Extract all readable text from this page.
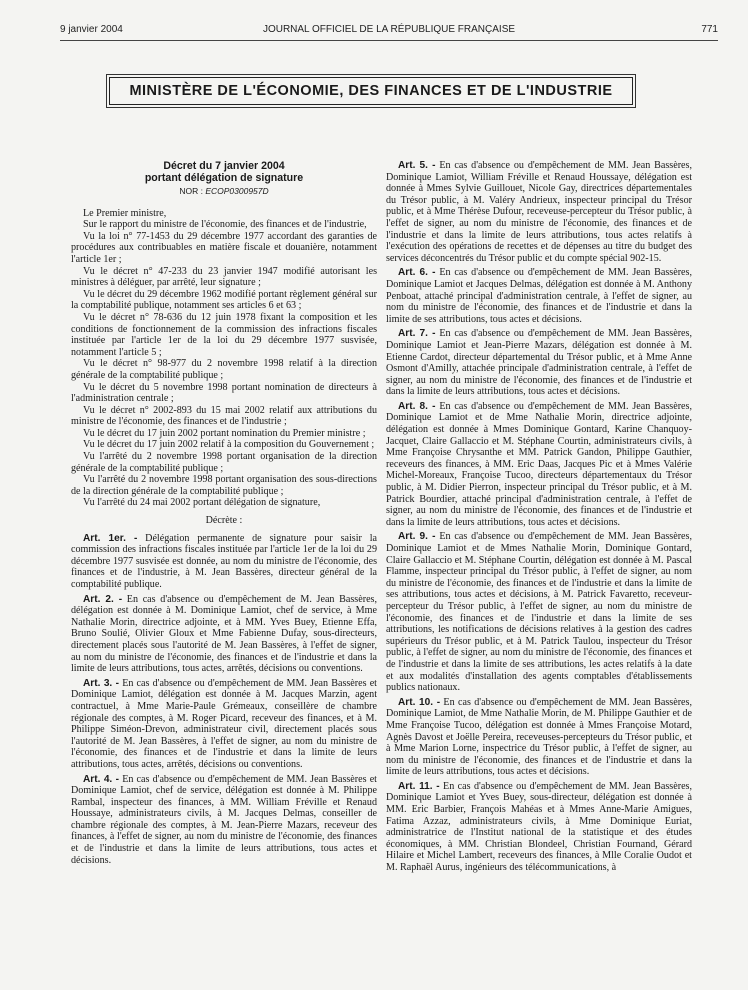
9 janvier 2004	JOURNAL OFFICIEL DE LA RÉPUBLIQUE FRANÇAISE	771
MINISTÈRE DE L'ÉCONOMIE, DES FINANCES ET DE L'INDUSTRIE
Décret du 7 janvier 2004
portant délégation de signature
NOR : ECOP0300957D

Le Premier ministre,

Sur le rapport du ministre de l'économie, des finances et de l'industrie,

Vu la loi n° 77-1453 du 29 décembre 1977 accordant des garanties de procédures aux contribuables en matière fiscale et douanière, notamment l'article 1er ;

Vu le décret n° 47-233 du 23 janvier 1947 modifié autorisant les ministres à déléguer, par arrêté, leur signature ;

Vu le décret du 29 décembre 1962 modifié portant règlement général sur la comptabilité publique, notamment ses articles 6 et 63 ;

Vu le décret n° 78-636 du 12 juin 1978 fixant la composition et les conditions de fonctionnement de la commission des infractions fiscales instituée par l'article 1er de la loi du 29 décembre 1977 susvisée, notamment l'article 5 ;

Vu le décret n° 98-977 du 2 novembre 1998 relatif à la direction générale de la comptabilité publique ;

Vu le décret du 5 novembre 1998 portant nomination de directeurs à l'administration centrale ;

Vu le décret n° 2002-893 du 15 mai 2002 relatif aux attributions du ministre de l'économie, des finances et de l'industrie ;

Vu le décret du 17 juin 2002 portant nomination du Premier ministre ;

Vu le décret du 17 juin 2002 relatif à la composition du Gouvernement ;

Vu l'arrêté du 2 novembre 1998 portant organisation de la direction générale de la comptabilité publique ;

Vu l'arrêté du 2 novembre 1998 portant organisation des sous-directions de la direction générale de la comptabilité publique ;

Vu l'arrêté du 24 mai 2002 portant délégation de signature,

Décrète :

Art. 1er. - Délégation permanente de signature pour saisir la commission des infractions fiscales instituée par l'article 1er de la loi du 29 décembre 1977 susvisée est donnée, au nom du ministre de l'économie, des finances et de l'industrie, à M. Jean Bassères, directeur général de la comptabilité publique.

Art. 2. - En cas d'absence ou d'empêchement de M. Jean Bassères, délégation est donnée à M. Dominique Lamiot, chef de service, à Mme Nathalie Morin, directrice adjointe, et à MM. Yves Buey, Etienne Effa, Bruno Soulié, Olivier Gloux et Mme Fabienne Dufay, sous-directeurs, directement placés sous l'autorité de M. Jean Bassères, à l'effet de signer, au nom du ministre de l'économie, des finances et de l'industrie et dans la limite de leurs attributions, tous actes, arrêtés, décisions ou conventions.

Art. 3. - En cas d'absence ou d'empêchement de MM. Jean Bassères et Dominique Lamiot, délégation est donnée à M. Jacques Marzin, agent contractuel, à Mme Marie-Paule Grémeaux, conseillère de chambre régionale des comptes, à M. Roger Picard, receveur des finances, et à M. Philippe Siméon-Drevon, administrateur civil, directement placés sous l'autorité de M. Jean Bassères, à l'effet de signer, au nom du ministre de l'économie, des finances et de l'industrie et dans la limite de leurs attributions, tous actes, arrêtés, décisions ou conventions.

Art. 4. - En cas d'absence ou d'empêchement de MM. Jean Bassères et Dominique Lamiot, chef de service, délégation est donnée à M. Philippe Rambal, inspecteur des finances, à MM. William Fréville et Renaud Houssaye, administrateurs civils, à M. Jacques Delmas, conseiller de chambre régionale des comptes, à M. Jean-Pierre Mazars, receveur des finances, à l'effet de signer, au nom du ministre de l'économie, des finances et de l'industrie et dans la limite de leurs attributions, tous actes et décisions.

Art. 5. - En cas d'absence ou d'empêchement de MM. Jean Bassères, Dominique Lamiot, William Fréville et Renaud Houssaye, délégation est donnée à Mmes Sylvie Guillouet, Nicole Gay, directrices départementales du Trésor public, à M. Valéry Andrieux, inspecteur principal du Trésor public, et à Mme Thérèse Dufour, receveuse-percepteur du Trésor public, à l'effet de signer, au nom du ministre de l'économie, des finances et de l'industrie et dans la limite de leurs attributions, tous actes relatifs à l'exécution des opérations de recettes et de dépenses au titre du budget des services déconcentrés du Trésor public et du compte spécial 902-15.

Art. 6. - En cas d'absence ou d'empêchement de MM. Jean Bassères, Dominique Lamiot et Jacques Delmas, délégation est donnée à M. Anthony Penboat, attaché principal d'administration centrale, à l'effet de signer, au nom du ministre de l'économie, des finances et de l'industrie et dans la limite de ses attributions, tous actes et décisions.

Art. 7. - En cas d'absence ou d'empêchement de MM. Jean Bassères, Dominique Lamiot et Jean-Pierre Mazars, délégation est donnée à M. Etienne Cardot, directeur départemental du Trésor public, et à Mme Anne Osmont d'Amilly, attachée principale d'administration centrale, à l'effet de signer, au nom du ministre de l'économie, des finances et de l'industrie et dans la limite de leurs attributions, tous actes et décisions.

Art. 8. - En cas d'absence ou d'empêchement de MM. Jean Bassères, Dominique Lamiot et de Mme Nathalie Morin, directrice adjointe, délégation est donnée à Mmes Dominique Gontard, Karine Chanquoy-Jacquet, Claire Gallaccio et M. Stéphane Courtin, administrateurs civils, à Mme Françoise Chrysanthe et MM. Patrick Gandon, Philippe Gauthier, receveurs des finances, à MM. Eric Daas, Jacques Pic et à Mmes Valérie Michel-Moreaux, Françoise Tucoo, directeurs départementaux du Trésor public, à M. Didier Pierron, inspecteur principal du Trésor public, et à M. Patrick Bourdier, attaché principal d'administration centrale, à l'effet de signer, au nom du ministre de l'économie, des finances et de l'industrie et dans la limite de leurs attributions, tous actes et décisions.

Art. 9. - En cas d'absence ou d'empêchement de MM. Jean Bassères, Dominique Lamiot et de Mmes Nathalie Morin, Dominique Gontard, Claire Gallaccio et M. Stéphane Courtin, délégation est donnée à M. Pascal Flamme, inspecteur principal du Trésor public, à l'effet de signer, au nom du ministre de l'économie, des finances et de l'industrie et dans la limite de ses attributions, tous actes et décisions, à M. Patrick Favaretto, receveur-percepteur du Trésor public, à l'effet de signer, au nom du ministre de l'économie, des finances et de l'industrie et dans la limite de ses attributions, les notifications de décisions relatives à la gestion des cadres supérieurs du Trésor public, et à M. Patrick Taulou, inspecteur du Trésor public, à l'effet de signer, au nom du ministre de l'économie, des finances et de l'industrie et dans la limite de ses attributions, les actes relatifs à la date et aux modalités d'installation des agents comptables d'établissements publics nationaux.

Art. 10. - En cas d'absence ou d'empêchement de MM. Jean Bassères, Dominique Lamiot, de Mme Nathalie Morin, de M. Philippe Gauthier et de Mme Françoise Tucoo, délégation est donnée à Mmes Françoise Motard, Agnès Davost et Joëlle Pereira, receveuses-percepteurs du Trésor public, et à Mme Marion Lorne, inspectrice du Trésor public, à l'effet de signer, au nom du ministre de l'économie, des finances et de l'industrie et dans la limite de leurs attributions, tous actes et décisions.

Art. 11. - En cas d'absence ou d'empêchement de MM. Jean Bassères, Dominique Lamiot et Yves Buey, sous-directeur, délégation est donnée à MM. Eric Barbier, François Mahéas et à Mmes Anne-Marie Amigues, Fatima Azzaz, administrateurs civils, à Mme Dominique Euriat, administratrice de l'Institut national de la statistique et des études économiques, à MM. Christian Blondeel, Christian Fournand, Gérard Hilaire et Michel Lambert, receveurs des finances, à Mlle Coralie Oudot et M. Raphaël Aurus, ingénieurs des télécommunications, à
